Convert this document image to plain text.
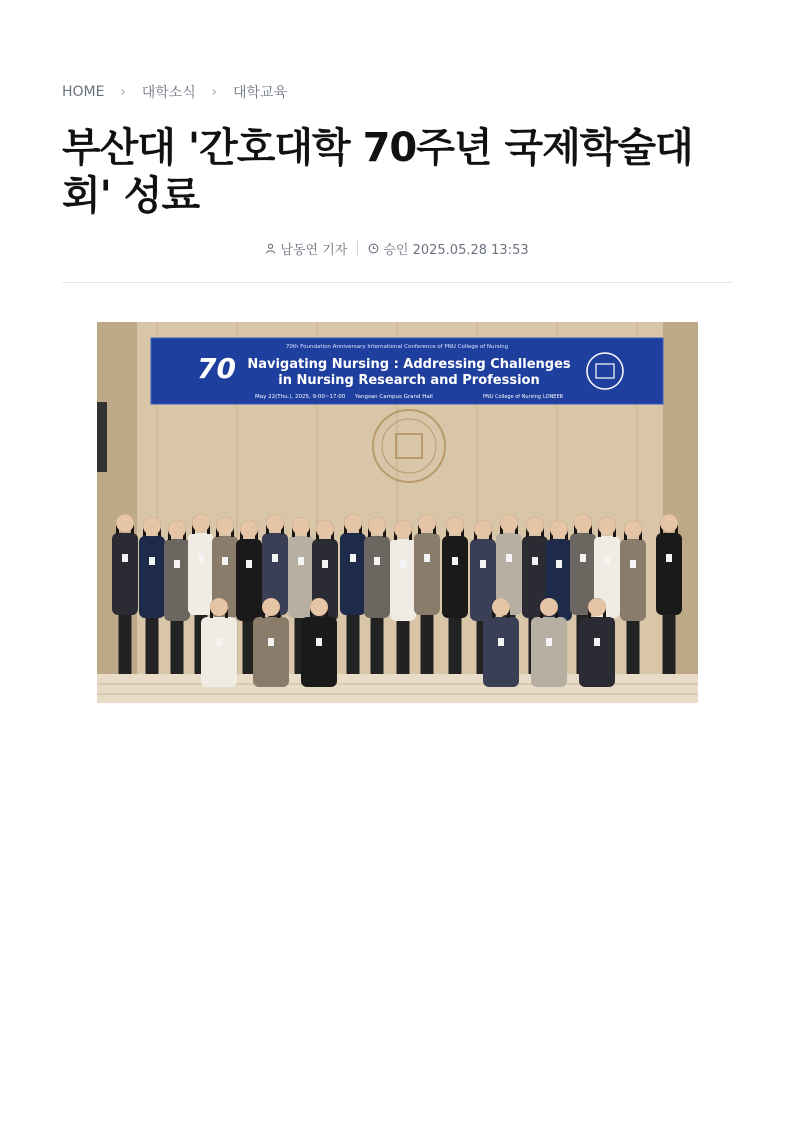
HOME › 대학소식 › 대학교육
부산대 '간호대학 70주년 국제학술대회' 성료
남동연 기자	승인 2025.05.28 13:53
70
70th Foundation Anniversary International Conference of PNU College of Nursing
Navigating Nursing : Addressing Challenges
in Nursing Research and Profession
May 22(Thu.), 2025, 9:00~17:00 Yangsan Campus Grand Hall	PNU College of Nursing LONEER
